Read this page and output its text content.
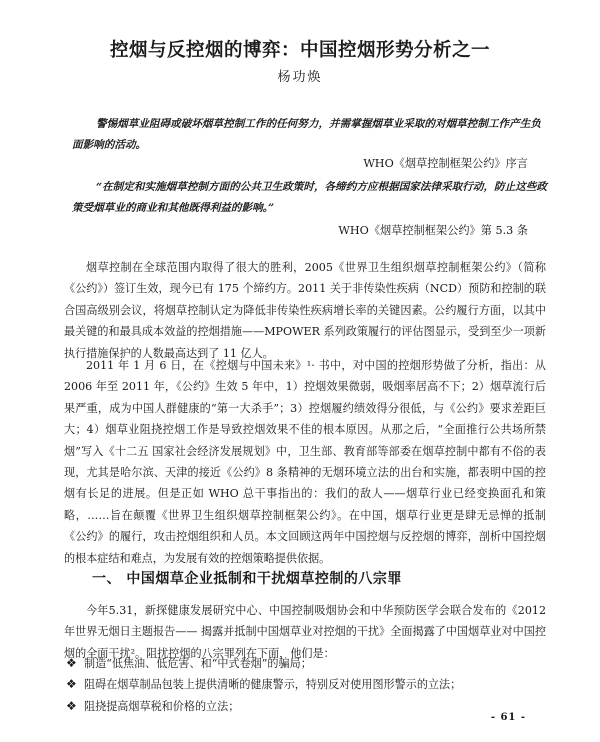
控烟与反控烟的博弈：中国控烟形势分析之一
杨功焕
警惕烟草业阻碍或破坏烟草控制工作的任何努力，并需掌握烟草业采取的对烟草控制工作产生负面影响的活动。
WHO《烟草控制框架公约》序言
“在制定和实施烟草控制方面的公共卫生政策时，各缔约方应根据国家法律采取行动，防止这些政策受烟草业的商业和其他既得利益的影响。”
WHO《烟草控制框架公约》第 5.3 条

烟草控制在全球范围内取得了很大的胜利，2005《世界卫生组织烟草控制框架公约》（简称《公约》）签订生效，现今已有 175 个缔约方。2011 关于非传染性疾病（NCD）预防和控制的联合国高级别会议，将烟草控制认定为降低非传染性疾病增长率的关键因素。公约履行方面，以其中最关键的和最具成本效益的控烟措施——MPOWER 系列政策履行的评估图显示，受到至少一项新执行措施保护的人数最高达到了 11 亿人。

2011 年 1 月 6 日，在《控烟与中国未来》¹· 书中，对中国的控烟形势做了分析，指出：从 2006 年至 2011 年，《公约》生效 5 年中，1）控烟效果微弱，吸烟率居高不下；2）烟草流行后果严重，成为中国人群健康的“第一大杀手”；3）控烟履约绩效得分很低，与《公约》要求差距巨大；4）烟草业阻挠控烟工作是导致控烟效果不佳的根本原因。从那之后，“全面推行公共场所禁烟”写入《十二五 国家社会经济发展规划》中，卫生部、教育部等部委在烟草控制中都有不俗的表现，尤其是哈尔滨、天津的接近《公约》8 条精神的无烟环境立法的出台和实施，都表明中国的控烟有长足的进展。但是正如 WHO 总干事指出的：我们的敌人——烟草行业已经变换面孔和策略，……旨在颠覆《世界卫生组织烟草控制框架公约》。在中国，烟草行业更是肆无忌惮的抵制《公约》的履行，攻击控烟组织和人员。本文回顾这两年中国控烟与反控烟的博弈，剖析中国控烟的根本症结和难点，为发展有效的控烟策略提供依据。

一、 中国烟草企业抵制和干扰烟草控制的八宗罪

今年5.31，新探健康发展研究中心、中国控制吸烟协会和中华预防医学会联合发布的《2012年世界无烟日主题报告—— 揭露并抵制中国烟草业对控烟的干扰》全面揭露了中国烟草业对中国控烟的全面干扰²。阻扰控烟的八宗罪列在下面，他们是：

❖ 制造“低焦油、低危害、和“中式卷烟”的骗局；
❖ 阻碍在烟草制品包装上提供清晰的健康警示，特别反对使用图形警示的立法；
❖ 阻挠提高烟草税和价格的立法；
- 61 -
